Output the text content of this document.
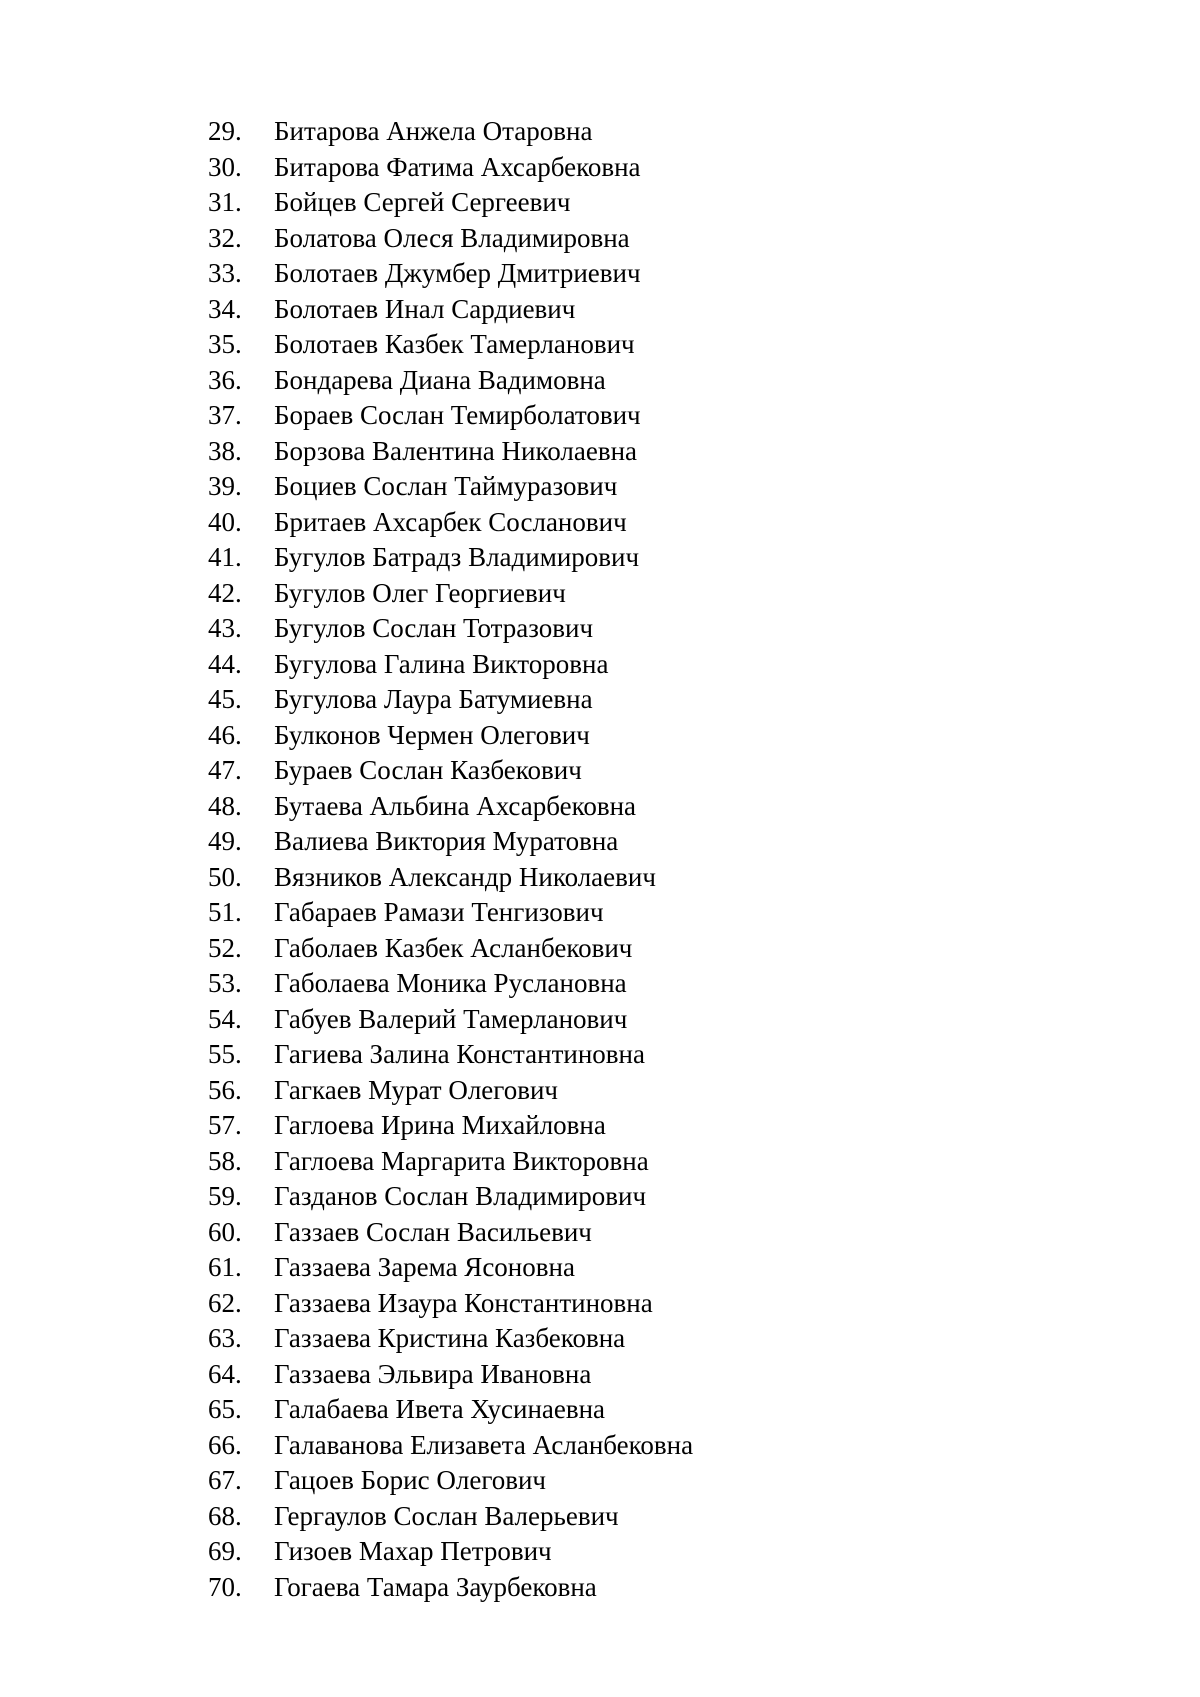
29.	Битарова Анжела Отаровна
30.	Битарова Фатима Ахсарбековна
31.	Бойцев Сергей Сергеевич
32.	Болатова Олеся Владимировна
33.	Болотаев Джумбер Дмитриевич
34.	Болотаев Инал Сардиевич
35.	Болотаев Казбек Тамерланович
36.	Бондарева Диана Вадимовна
37.	Бораев Сослан Темирболатович
38.	Борзова Валентина Николаевна
39.	Боциев Сослан Таймуразович
40.	Бритаев Ахсарбек Сосланович
41.	Бугулов Батрадз Владимирович
42.	Бугулов Олег Георгиевич
43.	Бугулов Сослан Тотразович
44.	Бугулова Галина Викторовна
45.	Бугулова Лаура Батумиевна
46.	Булконов Чермен Олегович
47.	Бураев Сослан Казбекович
48.	Бутаева Альбина Ахсарбековна
49.	Валиева Виктория Муратовна
50.	Вязников Александр Николаевич
51.	Габараев Рамази Тенгизович
52.	Габолаев Казбек Асланбекович
53.	Габолаева Моника Руслановна
54.	Габуев Валерий Тамерланович
55.	Гагиева Залина Константиновна
56.	Гагкаев Мурат Олегович
57.	Гаглоева Ирина Михайловна
58.	Гаглоева Маргарита Викторовна
59.	Газданов Сослан Владимирович
60.	Газзаев Сослан Васильевич
61.	Газзаева Зарема Ясоновна
62.	Газзаева Изаура Константиновна
63.	Газзаева Кристина Казбековна
64.	Газзаева Эльвира Ивановна
65.	Галабаева Ивета Хусинаевна
66.	Галаванова Елизавета Асланбековна
67.	Гацоев Борис Олегович
68.	Гергаулов Сослан Валерьевич
69.	Гизоев Махар Петрович
70.	Гогаева Тамара Заурбековна
